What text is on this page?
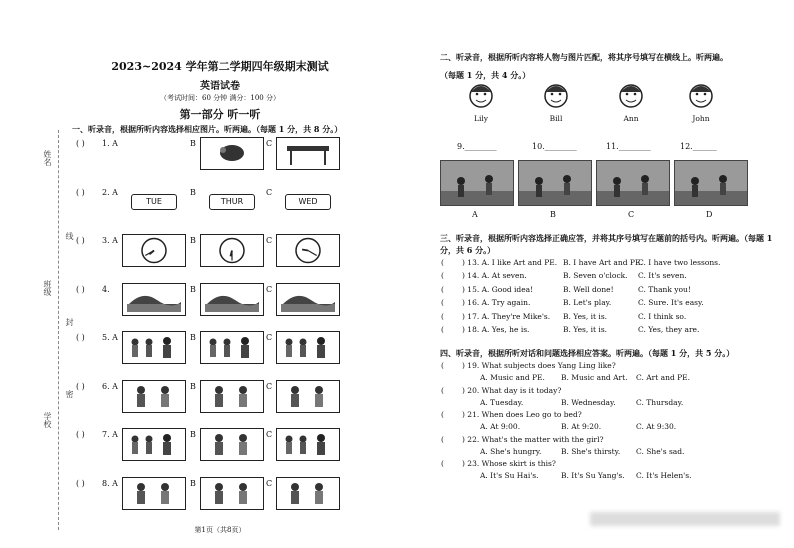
姓名
线
班级
封
密
学校
2023~2024 学年第二学期四年级期末测试
英语试卷
（考试时间：60 分钟 满分：100 分）
第一部分 听一听
一、听录音，根据所听内容选择相应图片。听两遍。（每题 1 分，共 8 分。）
( ) 1. A	B	C
( ) 2. A	B	C
TUE	THUR	WED
( ) 3. A	B	C
( ) 4.	B	C
( ) 5. A	B	C
( ) 6. A	B	C
( ) 7. A	B	C
( ) 8. A	B	C
第1页（共8页）
二、听录音，根据所听内容将人物与图片匹配，将其序号填写在横线上。听两遍。
（每题 1 分，共 4 分。）
Lily	Bill	Ann	John
9.________	10.________	11.________	12.______
A	B	C	D
三、听录音，根据所听内容选择正确应答，并将其序号填写在题前的括号内。听两遍。（每题 1 分，共 6 分。）
( ) 13. A. I like Art and PE. B. I have Art and PE.
C. I have two lessons.
( ) 14. A. At seven.	B. Seven o'clock. C. It's seven.
( ) 15. A. Good idea!	B. Well done!	C. Thank you!
( ) 16. A. Try again.	B. Let's play.	C. Sure. It's easy.
( ) 17. A. They're Mike's. B. Yes, it is.	C. I think so.
( ) 18. A. Yes, he is.	B. Yes, it is.	C. Yes, they are.
四、听录音，根据所听对话和问题选择相应答案。听两遍。（每题 1 分，共 5 分。）
( ) 19. What subjects does Yang Ling like?
A. Music and PE. B. Music and Art. C. Art and PE.
( ) 20. What day is it today?
A. Tuesday.	B. Wednesday.	C. Thursday.
( ) 21. When does Leo go to bed?
A. At 9:00.	B. At 9:20.	C. At 9:30.
( ) 22. What's the matter with the girl?
A. She's hungry.	B. She's thirsty. C. She's sad.
( ) 23. Whose skirt is this?
A. It's Su Hai's.	B. It's Su Yang's. C. It's Helen's.
